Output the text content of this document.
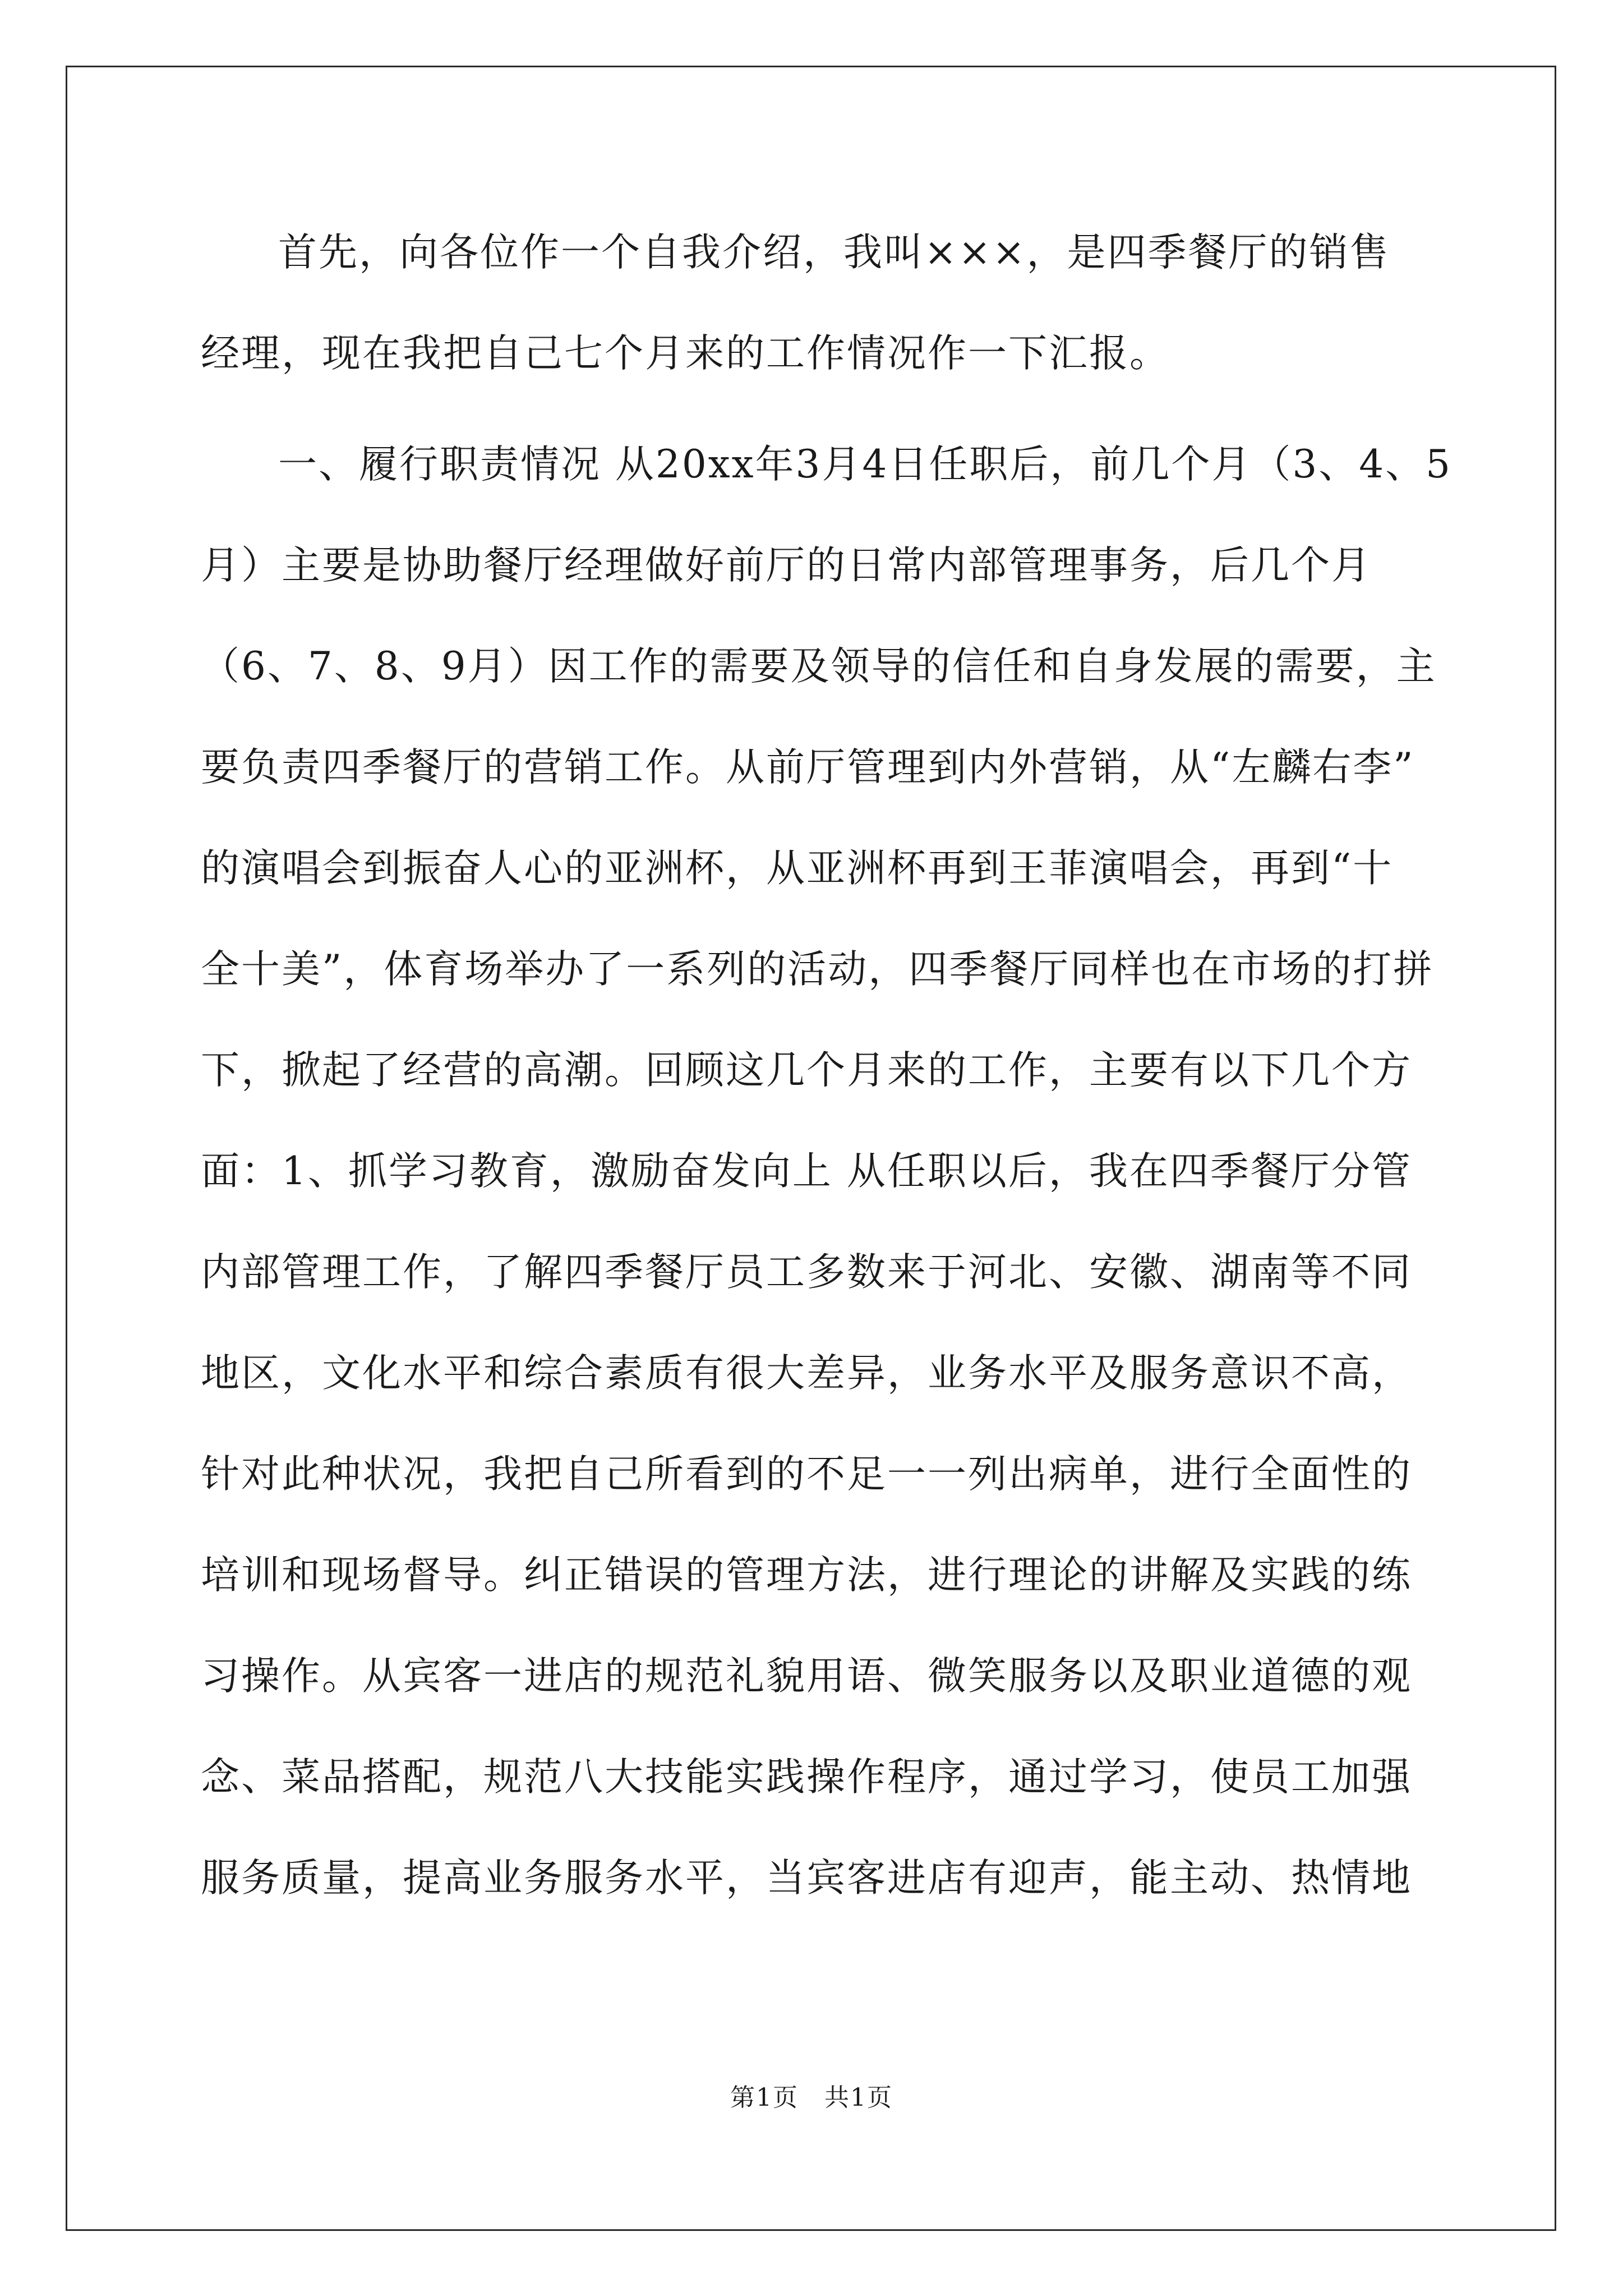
首先，向各位作一个自我介绍，我叫×××，是四季餐厅的销售
经理，现在我把自己七个月来的工作情况作一下汇报。
一、履行职责情况 从20xx年3月4日任职后，前几个月（3、4、5
月）主要是协助餐厅经理做好前厅的日常内部管理事务，后几个月
（6、7、8、9月）因工作的需要及领导的信任和自身发展的需要，主
要负责四季餐厅的营销工作。从前厅管理到内外营销，从“左麟右李”
的演唱会到振奋人心的亚洲杯，从亚洲杯再到王菲演唱会，再到“十
全十美”，体育场举办了一系列的活动，四季餐厅同样也在市场的打拼
下，掀起了经营的高潮。回顾这几个月来的工作，主要有以下几个方
面：1、抓学习教育，激励奋发向上 从任职以后，我在四季餐厅分管
内部管理工作，了解四季餐厅员工多数来于河北、安徽、湖南等不同
地区，文化水平和综合素质有很大差异，业务水平及服务意识不高，
针对此种状况，我把自己所看到的不足一一列出病单，进行全面性的
培训和现场督导。纠正错误的管理方法，进行理论的讲解及实践的练
习操作。从宾客一进店的规范礼貌用语、微笑服务以及职业道德的观
念、菜品搭配，规范八大技能实践操作程序，通过学习，使员工加强
服务质量，提高业务服务水平，当宾客进店有迎声，能主动、热情地
第1页　共1页
